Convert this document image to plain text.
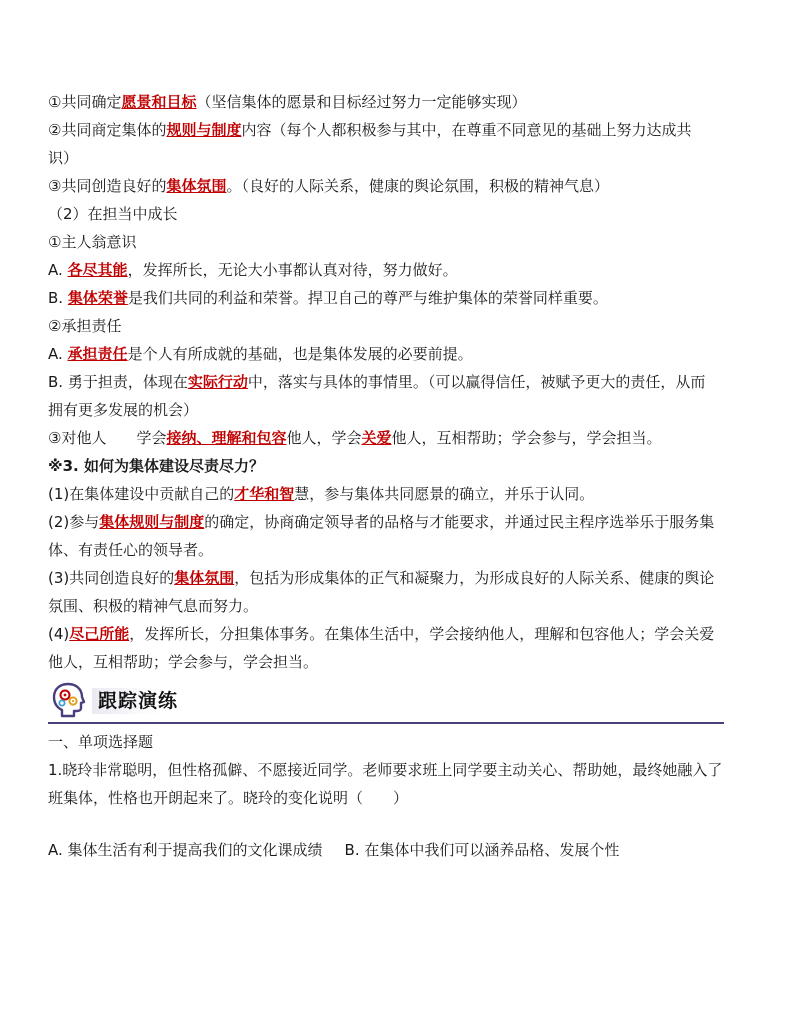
①共同确定愿景和目标（坚信集体的愿景和目标经过努力一定能够实现）
②共同商定集体的规则与制度内容（每个人都积极参与其中，在尊重不同意见的基础上努力达成共
识）
③共同创造良好的集体氛围。（良好的人际关系，健康的舆论氛围，积极的精神气息）
（2）在担当中成长
①主人翁意识
A. 各尽其能，发挥所长，无论大小事都认真对待，努力做好。
B. 集体荣誉是我们共同的利益和荣誉。捍卫自己的尊严与维护集体的荣誉同样重要。
②承担责任
A. 承担责任是个人有所成就的基础，也是集体发展的必要前提。
B. 勇于担责，体现在实际行动中，落实与具体的事情里。（可以赢得信任，被赋予更大的责任，从而
拥有更多发展的机会）
③对他人　　学会接纳、理解和包容他人，学会关爱他人，互相帮助；学会参与，学会担当。
※3. 如何为集体建设尽责尽力？
(1)在集体建设中贡献自己的才华和智慧，参与集体共同愿景的确立，并乐于认同。
(2)参与集体规则与制度的确定，协商确定领导者的品格与才能要求，并通过民主程序选举乐于服务集
体、有责任心的领导者。
(3)共同创造良好的集体氛围，包括为形成集体的正气和凝聚力，为形成良好的人际关系、健康的舆论
氛围、积极的精神气息而努力。
(4)尽己所能，发挥所长，分担集体事务。在集体生活中，学会接纳他人，理解和包容他人；学会关爱
他人，互相帮助；学会参与，学会担当。
跟踪演练
一、单项选择题
1.晓玲非常聪明，但性格孤僻、不愿接近同学。老师要求班上同学要主动关心、帮助她，最终她融入了
班集体，性格也开朗起来了。晓玲的变化说明（　　）
A. 集体生活有利于提高我们的文化课成绩 B. 在集体中我们可以涵养品格、发展个性
